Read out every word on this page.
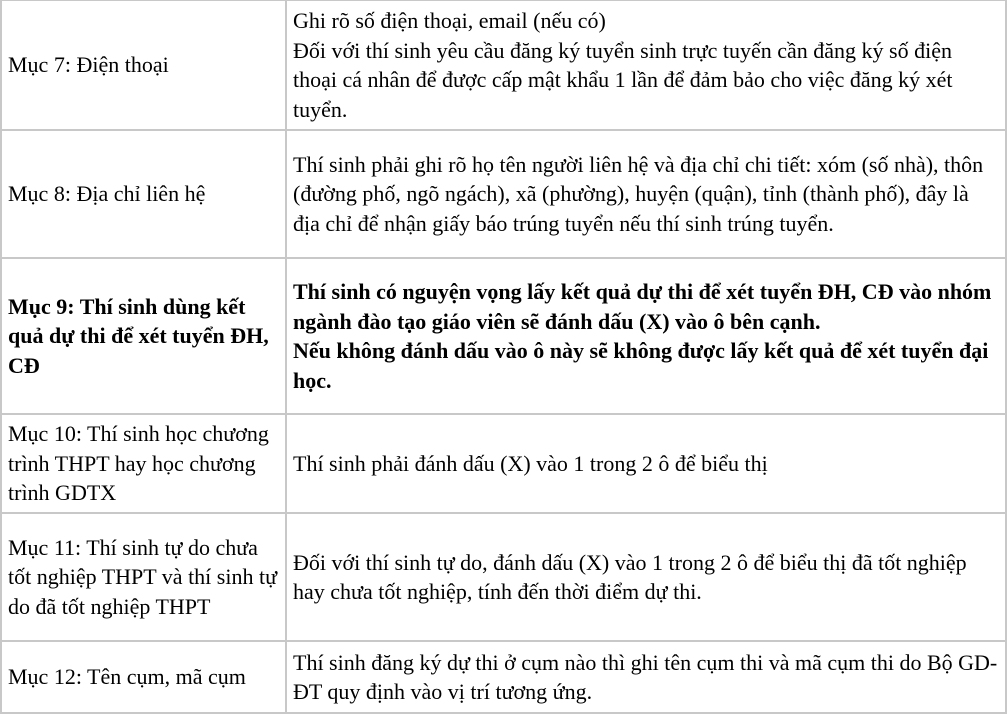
Mục 7: Điện thoại	Ghi rõ số điện thoại, email (nếu có)
Đối với thí sinh yêu cầu đăng ký tuyển sinh trực tuyến cần đăng ký số điện thoại cá nhân để được cấp mật khẩu 1 lần để đảm bảo cho việc đăng ký xét tuyển.

Mục 8: Địa chỉ liên hệ	Thí sinh phải ghi rõ họ tên người liên hệ và địa chỉ chi tiết: xóm (số nhà), thôn (đường phố, ngõ ngách), xã (phường), huyện (quận), tỉnh (thành phố), đây là địa chỉ để nhận giấy báo trúng tuyển nếu thí sinh trúng tuyển.

Mục 9: Thí sinh dùng kết quả dự thi để xét tuyển ĐH, CĐ	Thí sinh có nguyện vọng lấy kết quả dự thi để xét tuyển ĐH, CĐ vào nhóm ngành đào tạo giáo viên sẽ đánh dấu (X) vào ô bên cạnh.
Nếu không đánh dấu vào ô này sẽ không được lấy kết quả để xét tuyển đại học.

Mục 10: Thí sinh học chương trình THPT hay học chương trình GDTX	Thí sinh phải đánh dấu (X) vào 1 trong 2 ô để biểu thị

Mục 11: Thí sinh tự do chưa tốt nghiệp THPT và thí sinh tự do đã tốt nghiệp THPT	Đối với thí sinh tự do, đánh dấu (X) vào 1 trong 2 ô để biểu thị đã tốt nghiệp hay chưa tốt nghiệp, tính đến thời điểm dự thi.

Mục 12: Tên cụm, mã cụm	Thí sinh đăng ký dự thi ở cụm nào thì ghi tên cụm thi và mã cụm thi do Bộ GD-ĐT quy định vào vị trí tương ứng.
